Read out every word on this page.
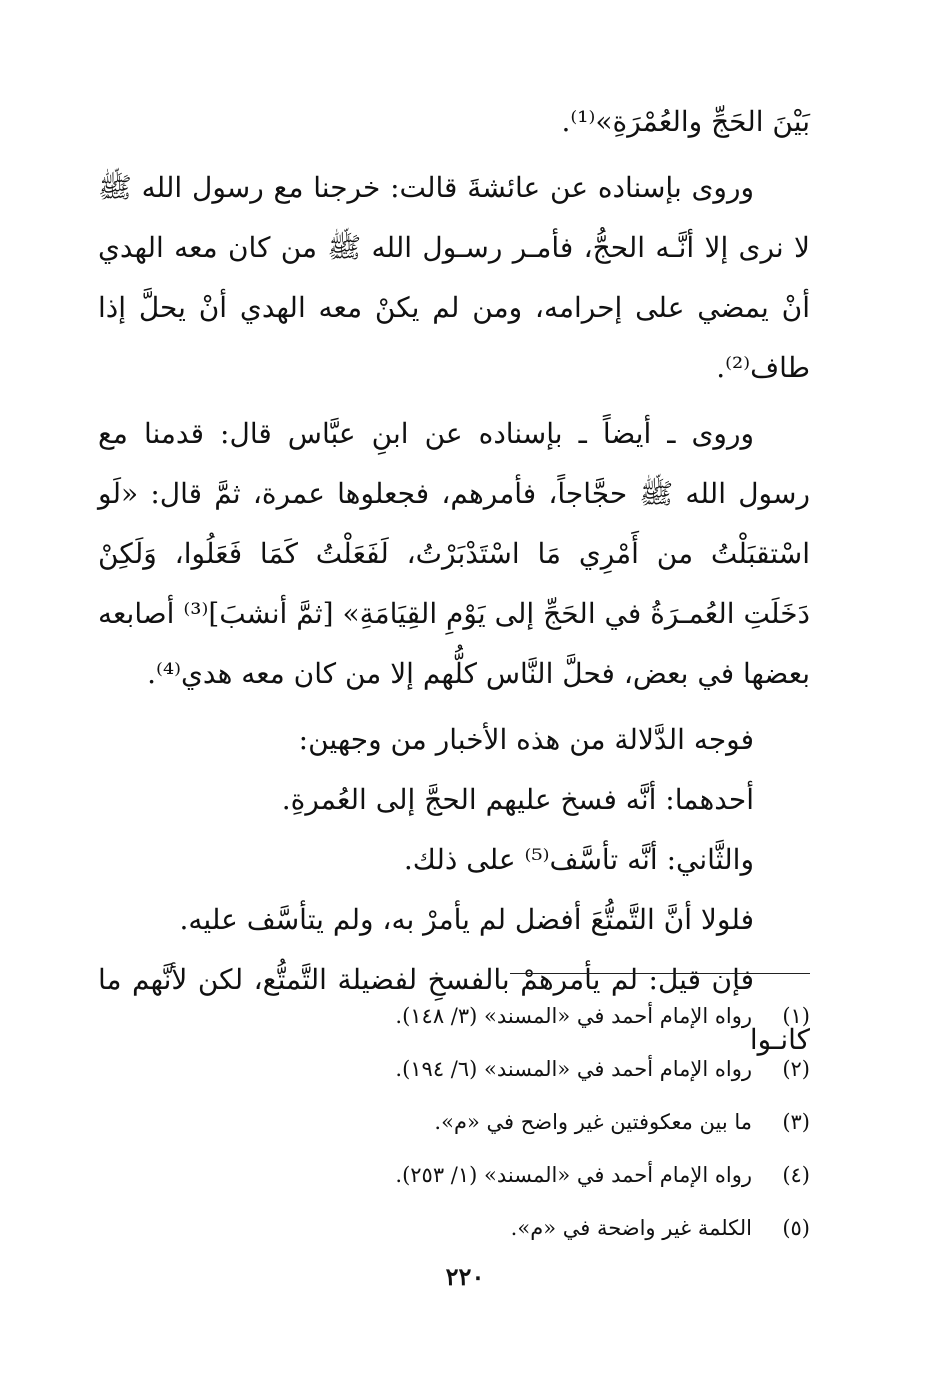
بَيْنَ الحَجِّ والعُمْرَةِ»⁽¹⁾.

وروى بإسناده عن عائشةَ قالت: خرجنا مع رسول الله ﷺ لا نرى إلا أنَّـه الحجُّ، فأمـر رسـول الله ﷺ من كان معه الهدي أنْ يمضي على إحرامه، ومن لم يكنْ معه الهدي أنْ يحلَّ إذا طاف⁽²⁾.

وروى ـ أيضاً ـ بإسناده عن ابنِ عبَّاس قال: قدمنا مع رسول الله ﷺ حجَّاجاً، فأمرهم، فجعلوها عمرة، ثمَّ قال: «لَو اسْتقبَلْتُ من أَمْرِي مَا اسْتَدْبَرْتُ، لَفَعَلْتُ كَمَا فَعَلُوا، وَلَكِنْ دَخَلَتِ العُمـرَةُ في الحَجِّ إلى يَوْمِ القِيَامَةِ» [ثمَّ أنشبَ]⁽³⁾ أصابعه بعضها في بعض، فحلَّ النَّاس كلُّهم إلا من كان معه هدي⁽⁴⁾.

فوجه الدَّلالة من هذه الأخبار من وجهين:

أحدهما: أنَّه فسخ عليهم الحجَّ إلى العُمرةِ.

والثَّاني: أنَّه تأسَّف⁽⁵⁾ على ذلك.

فلولا أنَّ التَّمتُّعَ أفضل لم يأمرْ به، ولم يتأسَّف عليه.

فإن قيل: لم يأمرهمْ بالفسخِ لفضيلة التَّمتُّع، لكن لأنَّهم ما كانـوا

(١)
رواه الإمام أحمد في «المسند» (٣/ ١٤٨).
(٢)
رواه الإمام أحمد في «المسند» (٦/ ١٩٤).
(٣)
ما بين معكوفتين غير واضح في «م».
(٤)
رواه الإمام أحمد في «المسند» (١/ ٢٥٣).
(٥)
الكلمة غير واضحة في «م».
٢٢٠
